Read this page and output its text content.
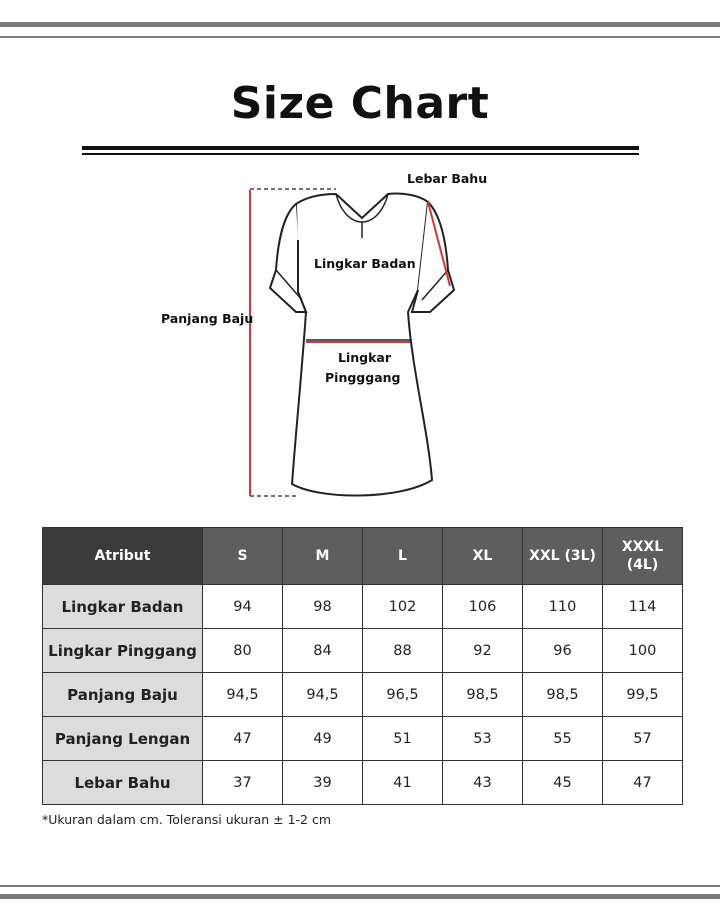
Size Chart
Lebar Bahu
Lingkar Badan
Panjang Baju
Lingkar
Pingggang
Atribut	S	M	L	XL	XXL (3L)	XXXL
(4L)
Lingkar Badan	94	98	102	106	110	114
Lingkar Pinggang	80	84	88	92	96	100
Panjang Baju	94,5	94,5	96,5	98,5	98,5	99,5
Panjang Lengan	47	49	51	53	55	57
Lebar Bahu	37	39	41	43	45	47
*Ukuran dalam cm. Toleransi ukuran ± 1-2 cm
